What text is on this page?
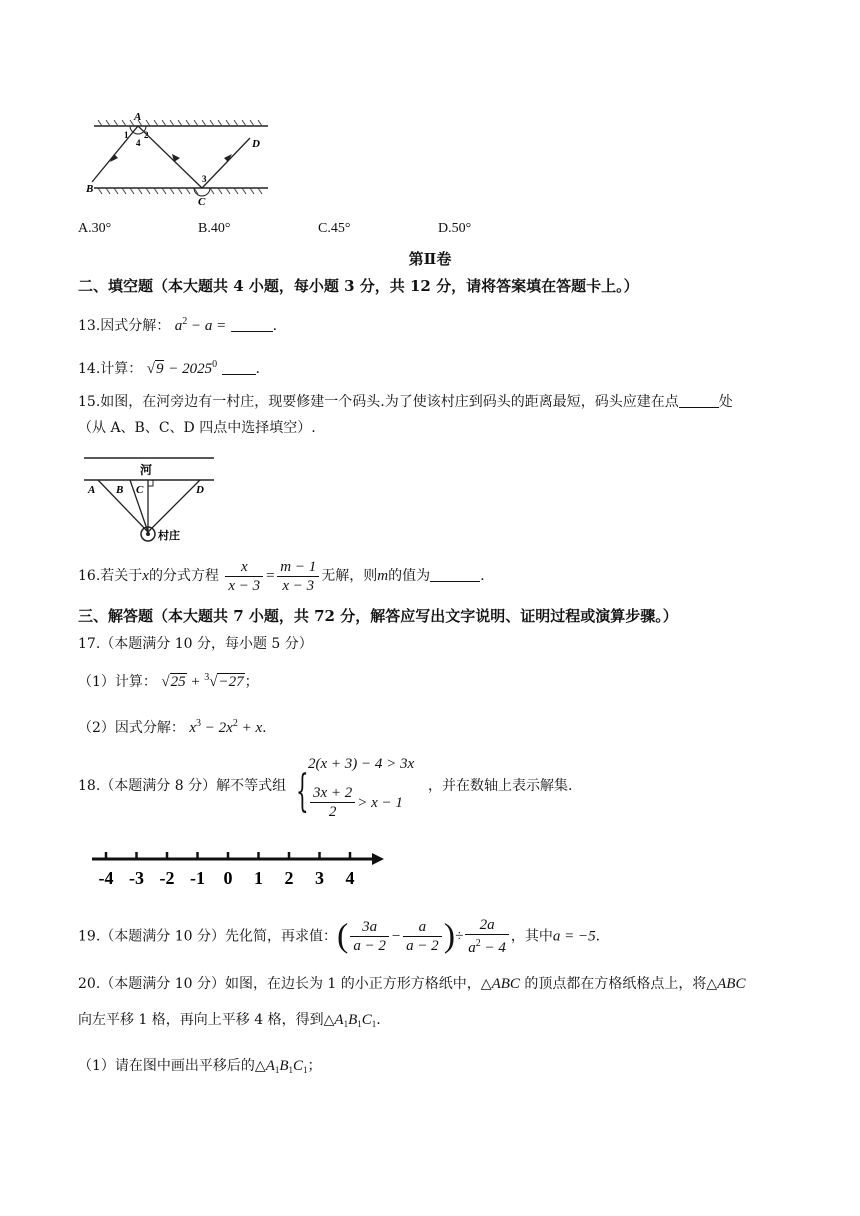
A
1 2
4
B
3
C
D
A.30°	B.40°	C.45°	D.50°
第Ⅱ卷
二、填空题（本大题共 4 小题，每小题 3 分，共 12 分，请将答案填在答题卡上。）
13.因式分解： $a^2 - a$ =	.
14.计算： $√9 - 2025^0$	.
15.如图，在河旁边有一村庄，现要修建一个码头.为了使该村庄到码头的距离最短，码头应建在点	处
（从 A、B、C、D 四点中选择填空）.
河
A B C	D
村庄
16.若关于x的分式方程 $\frac{x}{x - 3} = \frac{m - 1}{x - 3}$ 无解，则m的值为	.
三、解答题（本大题共 7 小题，共 72 分，解答应写出文字说明、证明过程或演算步骤。）
17.（本题满分 10 分，每小题 5 分）
（1）计算： √25 + $^3$√−27；
（2）因式分解： $x^3 - 2x^2 + x$.
18.（本题满分 8 分）解不等式组 {
2(x + 3) − 4 > 3x
$\frac{3x + 2}{2} > x - 1$
，并在数轴上表示解集.
-4 -3 -2 -1 0 1 2 3 4
19.（本题满分 10 分）先化简，再求值：( $\frac{3a}{a - 2} - \frac{a}{a - 2}$ )÷ $\frac{2a}{a^2 - 4}$ ，其中a = −5.
20.（本题满分 10 分）如图，在边长为 1 的小正方形方格纸中，△ABC 的顶点都在方格纸格点上，将△ABC
向左平移 1 格，再向上平移 4 格，得到$\triangle A_1B_1C_1$.
（1）请在图中画出平移后的$\triangle A_1B_1C_1$；
